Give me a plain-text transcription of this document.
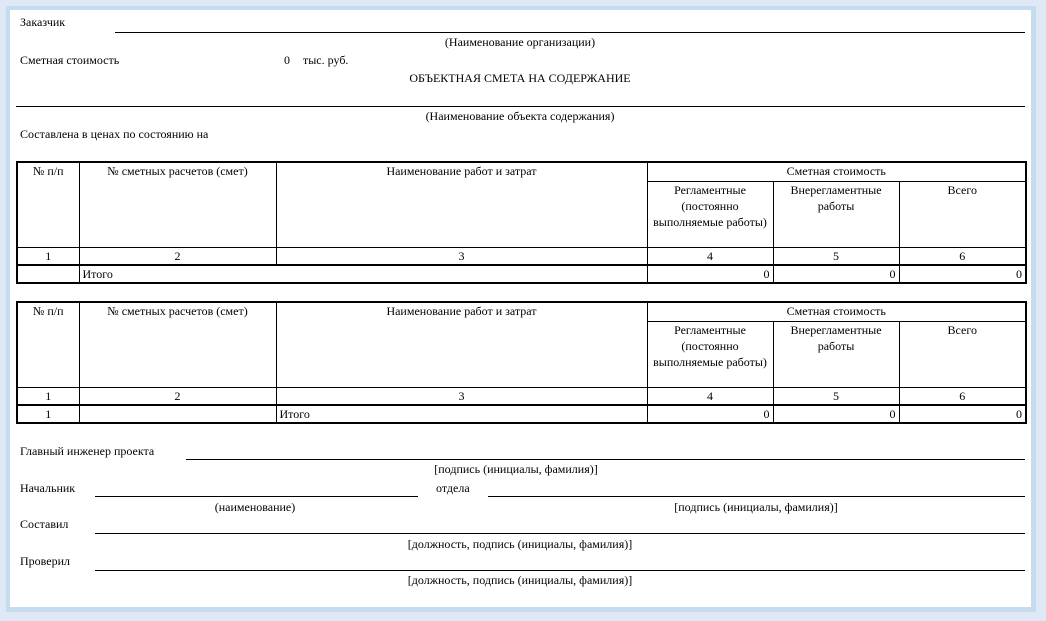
Заказчик
(Наименование организации)
Сметная стоимость	0 тыс. руб.
ОБЪЕКТНАЯ СМЕТА НА СОДЕРЖАНИЕ
(Наименование объекта содержания)
Составлена в ценах по состоянию на
№ п/п	№ сметных расчетов (смет)	Наименование работ и затрат	Сметная стоимость		
			Регламентные (постоянно выполняемые работы)	Внерегламентные работы	Всего
1	2	3	4	5	6
	Итого		0	0	0
№ п/п	№ сметных расчетов (смет)	Наименование работ и затрат	Сметная стоимость		
			Регламентные (постоянно выполняемые работы)	Внерегламентные работы	Всего
1	2	3	4	5	6
1		Итого	0	0	0
Главный инженер проекта
[подпись (инициалы, фамилия)]
Начальник	отдела
(наименование)	[подпись (инициалы, фамилия)]
Составил
[должность, подпись (инициалы, фамилия)]
Проверил
[должность, подпись (инициалы, фамилия)]
